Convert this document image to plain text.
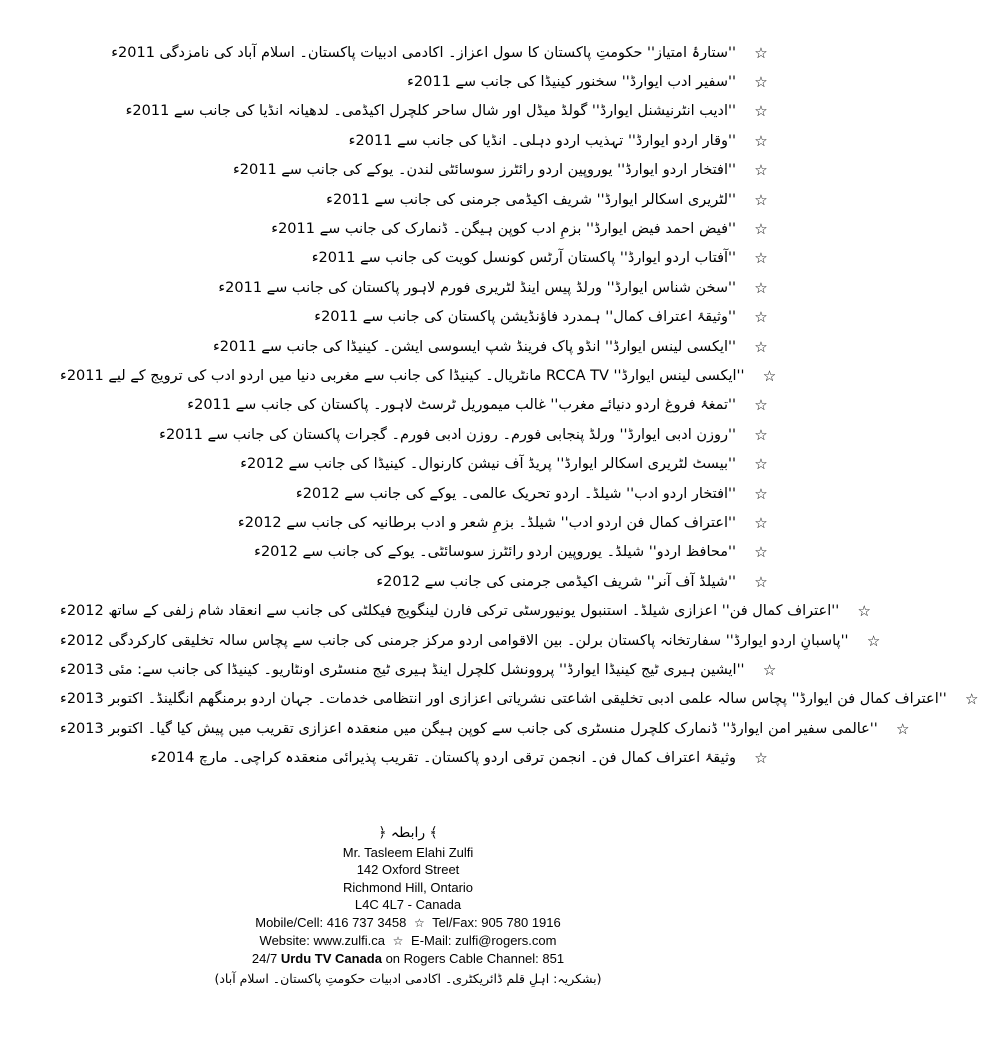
☆
''ستارۂ امتیاز'' حکومتِ پاکستان کا سول اعزاز۔ اکادمی ادبیات پاکستان۔ اسلام آباد کی نامزدگی 2011ء
☆
''سفیر ادب ایوارڈ'' سخنور کینیڈا کی جانب سے 2011ء
☆
''ادیب انٹرنیشنل ایوارڈ'' گولڈ میڈل اور شال ساحر کلچرل اکیڈمی۔ لدھیانہ انڈیا کی جانب سے 2011ء
☆
''وقار اردو ایوارڈ'' تہذیب اردو دہلی۔ انڈیا کی جانب سے 2011ء
☆
''افتخار اردو ایوارڈ'' یوروپین اردو رائٹرز سوسائٹی لندن۔ یوکے کی جانب سے 2011ء
☆
''لٹریری اسکالر ایوارڈ'' شریف اکیڈمی جرمنی کی جانب سے 2011ء
☆
''فیض احمد فیض ایوارڈ'' بزمِ ادب کوپن ہیگن۔ ڈنمارک کی جانب سے 2011ء
☆
''آفتاب اردو ایوارڈ'' پاکستان آرٹس کونسل کویت کی جانب سے 2011ء
☆
''سخن شناس ایوارڈ'' ورلڈ پیس اینڈ لٹریری فورم لاہور پاکستان کی جانب سے 2011ء
☆
''وثیقۂ اعتراف کمال'' ہمدرد فاؤنڈیشن پاکستان کی جانب سے 2011ء
☆
''ایکسی لینس ایوارڈ'' انڈو پاک فرینڈ شپ ایسوسی ایشن۔ کینیڈا کی جانب سے 2011ء
☆
''ایکسی لینس ایوارڈ'' RCCA TV مانٹریال۔ کینیڈا کی جانب سے مغربی دنیا میں اردو ادب کی ترویج کے لیے 2011ء
☆
''تمغۂ فروغ اردو دنیائے مغرب'' غالب میموریل ٹرسٹ لاہور۔ پاکستان کی جانب سے 2011ء
☆
''روزن ادبی ایوارڈ'' ورلڈ پنجابی فورم۔ روزن ادبی فورم۔ گجرات پاکستان کی جانب سے 2011ء
☆
''بیسٹ لٹریری اسکالر ایوارڈ'' پریڈ آف نیشن کارنوال۔ کینیڈا کی جانب سے 2012ء
☆
''افتخار اردو ادب'' شیلڈ۔ اردو تحریک عالمی۔ یوکے کی جانب سے 2012ء
☆
''اعتراف کمال فن اردو ادب'' شیلڈ۔ بزمِ شعر و ادب برطانیہ کی جانب سے 2012ء
☆
''محافظ اردو'' شیلڈ۔ یوروپین اردو رائٹرز سوسائٹی۔ یوکے کی جانب سے 2012ء
☆
''شیلڈ آف آنر'' شریف اکیڈمی جرمنی کی جانب سے 2012ء
☆
''اعتراف کمال فن'' اعزازی شیلڈ۔ استنبول یونیورسٹی ترکی فارن لینگویج فیکلٹی کی جانب سے انعقاد شام زلفی کے ساتھ 2012ء
☆
''پاسبانِ اردو ایوارڈ'' سفارتخانہ پاکستان برلن۔ بین الاقوامی اردو مرکز جرمنی کی جانب سے پچاس سالہ تخلیقی کارکردگی 2012ء
☆
''ایشین ہیری ٹیج کینیڈا ایوارڈ'' پروونشل کلچرل اینڈ ہیری ٹیج منسٹری اونٹاریو۔ کینیڈا کی جانب سے: مئی 2013ء
☆
''اعتراف کمال فن ایوارڈ'' پچاس سالہ علمی ادبی تخلیقی اشاعتی نشریاتی اعزازی اور انتظامی خدمات۔ جہان اردو برمنگھم انگلینڈ۔ اکتوبر 2013ء
☆
''عالمی سفیر امن ایوارڈ'' ڈنمارک کلچرل منسٹری کی جانب سے کوپن ہیگن میں منعقدہ اعزازی تقریب میں پیش کیا گیا۔ اکتوبر 2013ء
☆
وثیقۂ اعتراف کمال فن۔ انجمن ترقی اردو پاکستان۔ تقریب پذیرائی منعقدہ کراچی۔ مارچ 2014ء
﴿ رابطہ ﴾
Mr. Tasleem Elahi Zulfi
142 Oxford Street
Richmond Hill, Ontario
L4C 4L7 - Canada
Mobile/Cell: 416 737 3458 ☆ Tel/Fax: 905 780 1916
Website: www.zulfi.ca ☆ E-Mail: zulfi@rogers.com
24/7 Urdu TV Canada on Rogers Cable Channel: 851
(بشکریہ: اہلِ قلم ڈائریکٹری۔ اکادمی ادبیات حکومتِ پاکستان۔ اسلام آباد)
